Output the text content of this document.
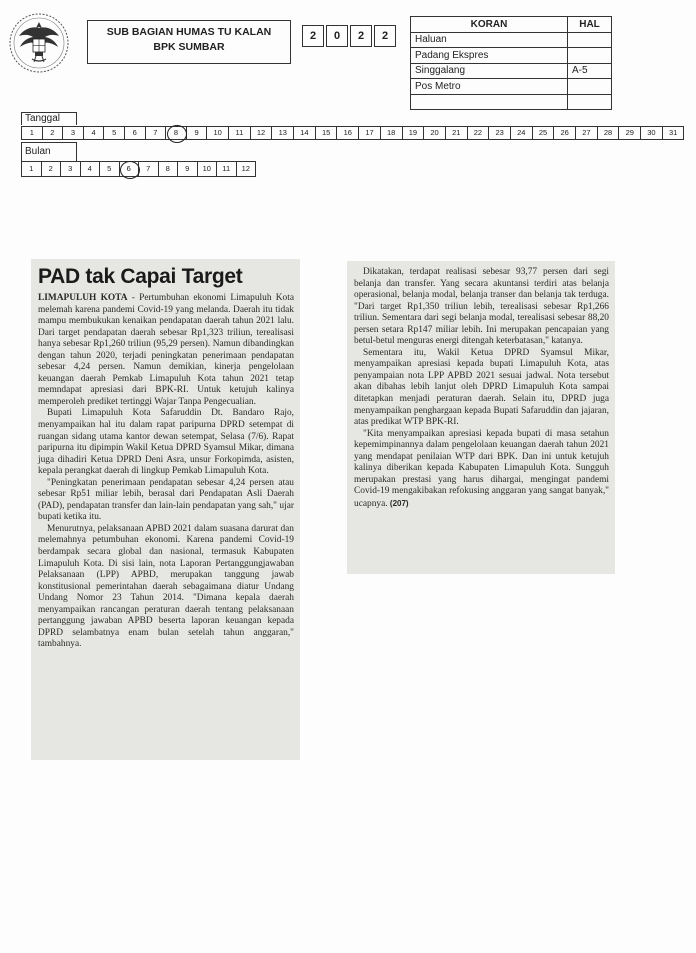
SUB BAGIAN HUMAS TU KALAN
BPK SUMBAR
2	0	2	2
KORAN	HAL
Haluan	
Padang Ekspres	
Singgalang	A-5
Pos Metro	

Tanggal
1	2	3	4	5	6	7	8	9	10	11	12	13	14	15	16	17	18	19	20	21	22	23	24	25	26	27	28	29	30	31
Bulan
1	2	3	4	5	6	7	8	9	10	11	12
PAD tak Capai Target

LIMAPULUH KOTA - Pertumbuhan ekonomi Limapuluh Kota melemah karena pandemi Covid-19 yang melanda. Daerah itu tidak mampu membukukan kenaikan pendapatan daerah tahun 2021 lalu. Dari target pendapatan daerah sebesar Rp1,323 triliun, terealisasi hanya sebesar Rp1,260 triliun (95,29 persen). Namun dibandingkan dengan tahun 2020, terjadi peningkatan penerimaan pendapatan sebesar 4,24 persen. Namun demikian, kinerja pengelolaan keuangan daerah Pemkab Limapuluh Kota tahun 2021 tetap memndapat apresiasi dari BPK-RI. Untuk ketujuh kalinya memperoleh prediket tertinggi Wajar Tanpa Pengecualian.

Bupati Limapuluh Kota Safaruddin Dt. Bandaro Rajo, menyampaikan hal itu dalam rapat paripurna DPRD setempat di ruangan sidang utama kantor dewan setempat, Selasa (7/6). Rapat paripurna itu dipimpin Wakil Ketua DPRD Syamsul Mikar, dimana juga dihadiri Ketua DPRD Deni Asra, unsur Forkopimda, asisten, kepala perangkat daerah di lingkup Pemkab Limapuluh Kota.

"Peningkatan penerimaan pendapatan sebesar 4,24 persen atau sebesar Rp51 miliar lebih, berasal dari Pendapatan Asli Daerah (PAD), pendapatan transfer dan lain-lain pendapatan yang sah," ujar bupati ketika itu.

Menurutnya, pelaksanaan APBD 2021 dalam suasana darurat dan melemahnya petumbuhan ekonomi. Karena pandemi Covid-19 berdampak secara global dan nasional, termasuk Kabupaten Limapuluh Kota. Di sisi lain, nota Laporan Pertanggungjawaban Pelaksanaan (LPP) APBD, merupakan tanggung jawab konstitusional pemerintahan daerah sebagaimana diatur Undang Undang Nomor 23 Tahun 2014. "Dimana kepala daerah menyampaikan rancangan peraturan daerah tentang pelaksanaan pertanggung jawaban APBD beserta laporan keuangan kepada DPRD selambatnya enam bulan setelah tahun anggaran," tambahnya.

Dikatakan, terdapat realisasi sebesar 93,77 persen dari segi belanja dan transfer. Yang secara akuntansi terdiri atas belanja operasional, belanja modal, belanja transer dan belanja tak terduga. "Dari target Rp1,350 triliun lebih, terealisasi sebesar Rp1,266 triliun. Sementara dari segi belanja modal, terealisasi sebesar 88,20 persen setara Rp147 miliar lebih. Ini merupakan pencapaian yang betul-betul menguras energi ditengah keterbatasan," katanya.

Sementara itu, Wakil Ketua DPRD Syamsul Mikar, menyampaikan apresiasi kepada bupati Limapuluh Kota, atas penyampaian nota LPP APBD 2021 sesuai jadwal. Nota tersebut akan dibahas lebih lanjut oleh DPRD Limapuluh Kota sampai ditetapkan menjadi peraturan daerah. Selain itu, DPRD juga menyampaikan penghargaan kepada Bupati Safaruddin dan jajaran, atas predikat WTP BPK-RI.

"Kita menyampaikan apresiasi kepada bupati di masa setahun kepemimpinannya dalam pengelolaan keuangan daerah tahun 2021 yang mendapat penilaian WTP dari BPK. Dan ini untuk ketujuh kalinya diberikan kepada Kabupaten Limapuluh Kota. Sungguh merupakan prestasi yang harus dihargai, mengingat pandemi Covid-19 mengakibakan refokusing anggaran yang sangat banyak," ucapnya. (207)
